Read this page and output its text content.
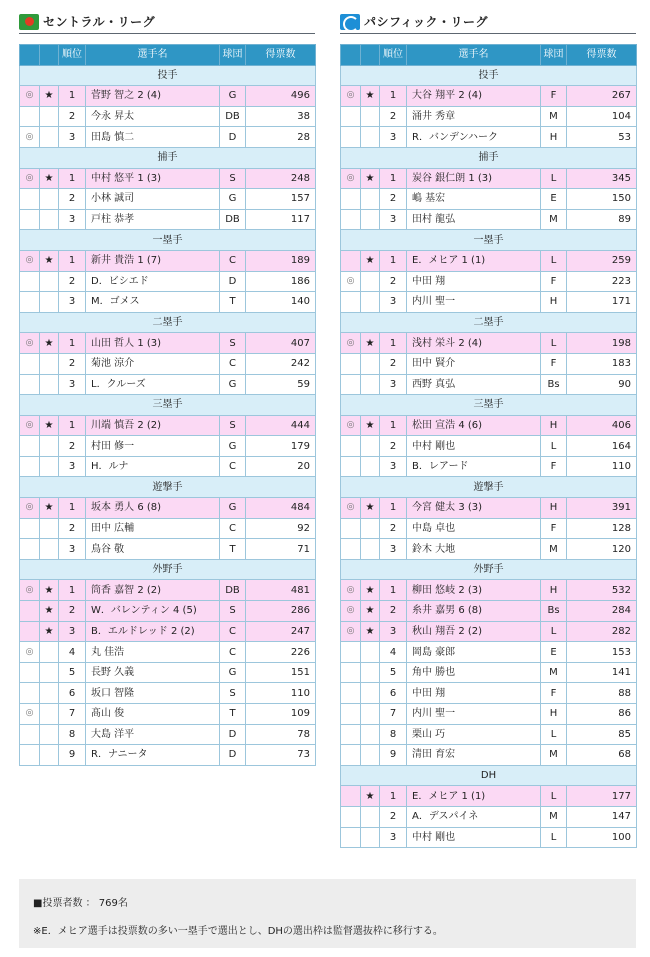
セントラル・リーグ
		順位	選手名	球団	得票数
投手					
◎	★	1	菅野 智之 2 (4)	G	496
		2	今永 昇太	DB	38
◎		3	田島 慎二	D	28
捕手					
◎	★	1	中村 悠平 1 (3)	S	248
		2	小林 誠司	G	157
		3	戸柱 恭孝	DB	117
一塁手					
◎	★	1	新井 貴浩 1 (7)	C	189
		2	D．ビシエド	D	186
		3	M．ゴメス	T	140
二塁手					
◎	★	1	山田 哲人 1 (3)	S	407
		2	菊池 涼介	C	242
		3	L．クルーズ	G	59
三塁手					
◎	★	1	川端 慎吾 2 (2)	S	444
		2	村田 修一	G	179
		3	H．ルナ	C	20
遊撃手					
◎	★	1	坂本 勇人 6 (8)	G	484
		2	田中 広輔	C	92
		3	鳥谷 敬	T	71
外野手					
◎	★	1	筒香 嘉智 2 (2)	DB	481
	★	2	W．バレンティン 4 (5)	S	286
	★	3	B．エルドレッド 2 (2)	C	247
◎		4	丸 佳浩	C	226
		5	長野 久義	G	151
		6	坂口 智隆	S	110
◎		7	髙山 俊	T	109
		8	大島 洋平	D	78
		9	R．ナニータ	D	73
パシフィック・リーグ
		順位	選手名	球団	得票数
投手					
◎	★	1	大谷 翔平 2 (4)	F	267
		2	涌井 秀章	M	104
		3	R．バンデンハーク	H	53
捕手					
◎	★	1	炭谷 銀仁朗 1 (3)	L	345
		2	嶋 基宏	E	150
		3	田村 龍弘	M	89
一塁手					
	★	1	E．メヒア 1 (1)	L	259
◎		2	中田 翔	F	223
		3	内川 聖一	H	171
二塁手					
◎	★	1	浅村 栄斗 2 (4)	L	198
		2	田中 賢介	F	183
		3	西野 真弘	Bs	90
三塁手					
◎	★	1	松田 宣浩 4 (6)	H	406
		2	中村 剛也	L	164
		3	B．レアード	F	110
遊撃手					
◎	★	1	今宮 健太 3 (3)	H	391
		2	中島 卓也	F	128
		3	鈴木 大地	M	120
外野手					
◎	★	1	柳田 悠岐 2 (3)	H	532
◎	★	2	糸井 嘉男 6 (8)	Bs	284
◎	★	3	秋山 翔吾 2 (2)	L	282
		4	岡島 豪郎	E	153
		5	角中 勝也	M	141
		6	中田 翔	F	88
		7	内川 聖一	H	86
		8	栗山 巧	L	85
		9	清田 育宏	M	68
DH					
	★	1	E．メヒア 1 (1)	L	177
		2	A．デスパイネ	M	147
		3	中村 剛也	L	100
■投票者数 ： 769名
※E．メヒア選手は投票数の多い一塁手で選出とし、DHの選出枠は監督選抜枠に移行する。
